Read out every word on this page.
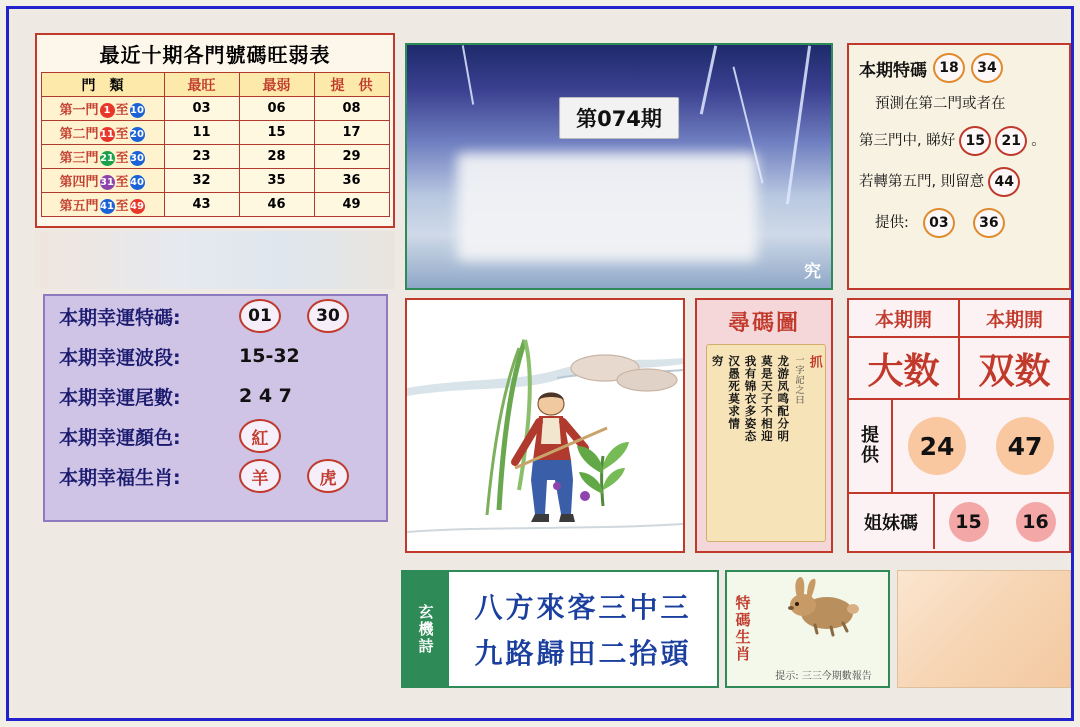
最近十期各門號碼旺弱表
門　類	最旺	最弱	提　供
第一門 1 至 10	03	06	08
第二門 11 至 20	11	15	17
第三門 21 至 30	23	28	29
第四門 31 至 40	32	35	36
第五門 41 至 49	43	46	49
本期幸運特碼:	01	30
本期幸運波段:	15-32
本期幸運尾數:	2 4 7
本期幸運顏色:	紅
本期幸福生肖:	羊	虎
第074期
究
本期特碼 18	34
預測在第二門或者在
第三門中, 睇好 15	21 。
若轉第五門, 則留意 44
提供:	03	36
尋碼圖
抓
一字記之曰
龙游凤鸣配分明
莫是天子不相迎
我有锦衣多姿态
汉愚死莫求情
穷
本期開	本期開
大数	双数
提
供	24	47
姐妹碼	15	16
玄機詩 八方來客三中三
九路歸田二抬頭	特碼生肖
提示: 三三今期數報告
